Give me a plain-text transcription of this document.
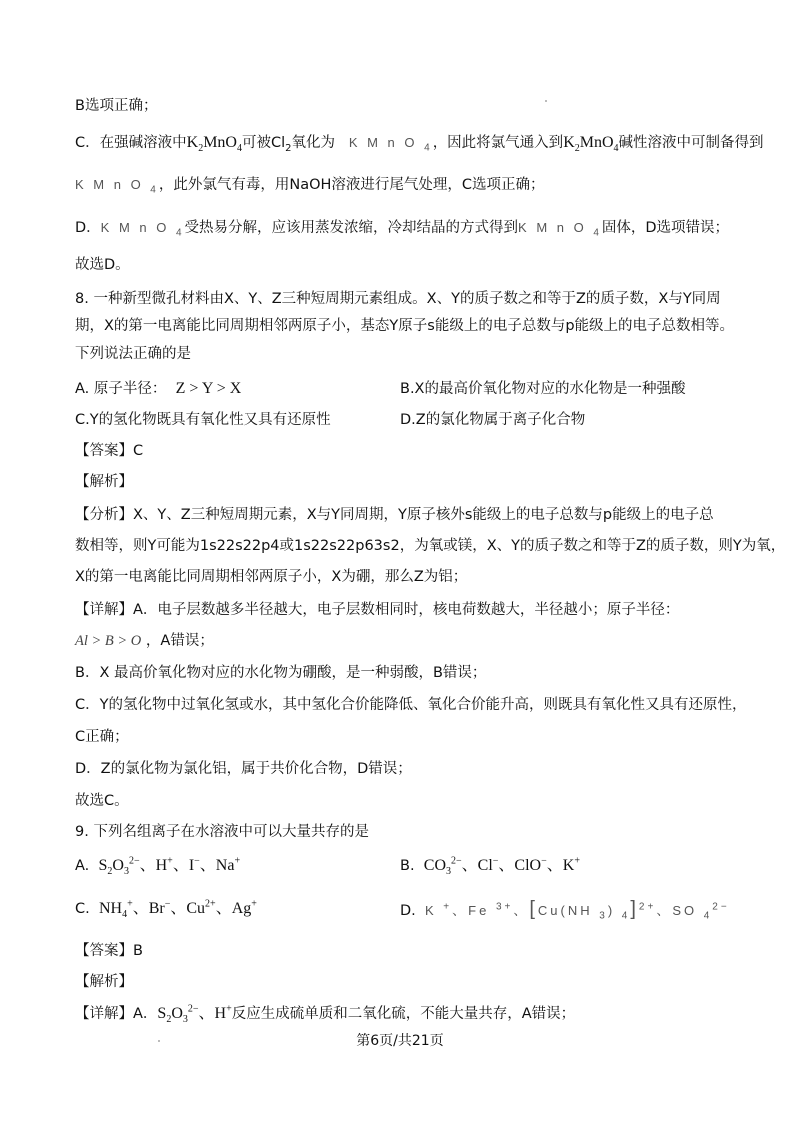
B选项正确；
C．在强碱溶液中$K_2MnO_4$可被$Cl_2$氧化为 K M n O $_4$，因此将氯气通入到$K_2MnO_4$碱性溶液中可制备得到
K M n O $_4$，此外氯气有毒，用NaOH溶液进行尾气处理，C选项正确；
D．K M n O $_4$受热易分解，应该用蒸发浓缩，冷却结晶的方式得到K M n O $_4$固体，D选项错误；
故选D。
8. 一种新型微孔材料由X、Y、Z三种短周期元素组成。X、Y的质子数之和等于Z的质子数，X与Y同周
期，X的第一电离能比同周期相邻两原子小，基态Y原子s能级上的电子总数与p能级上的电子总数相等。
下列说法正确的是
A. 原子半径： Z > Y > X	B.X的最高价氧化物对应的水化物是一种强酸
C.Y的氢化物既具有氧化性又具有还原性	D.Z的氯化物属于离子化合物
【答案】C
【解析】
【分析】X、Y、Z三种短周期元素，X与Y同周期，Y原子核外s能级上的电子总数与p能级上的电子总
数相等，则Y可能为1s22s22p4或1s22s22p63s2，为氧或镁，X、Y的质子数之和等于Z的质子数，则Y为氧，
X的第一电离能比同周期相邻两原子小，X为硼，那么Z为铝；
【详解】A．电子层数越多半径越大，电子层数相同时，核电荷数越大，半径越小；原子半径：
Al > B > O ，A错误；
B．X 最高价氧化物对应的水化物为硼酸，是一种弱酸，B错误；
C．Y的氢化物中过氧化氢或水，其中氢化合价能降低、氧化合价能升高，则既具有氧化性又具有还原性，
C正确；
D．Z的氯化物为氯化铝，属于共价化合物，D错误；
故选C。
9. 下列名组离子在水溶液中可以大量共存的是
A. $S_2O_3^{2-}$、H+、I−、Na+	B. $CO_3^{2-}$、Cl−、ClO−、K+
C. $NH_4^+$、Br−、$Cu^{2+}$、Ag+	D. K +、Fe $^{3+}$、[Cu(NH $_3$) $_4$]$^{2+}$、SO $_4^{2-}$
【答案】B
【解析】
【详解】A．$S_2O_3^{2-}$、H+反应生成硫单质和二氧化硫，不能大量共存，A错误；
第6页/共21页
